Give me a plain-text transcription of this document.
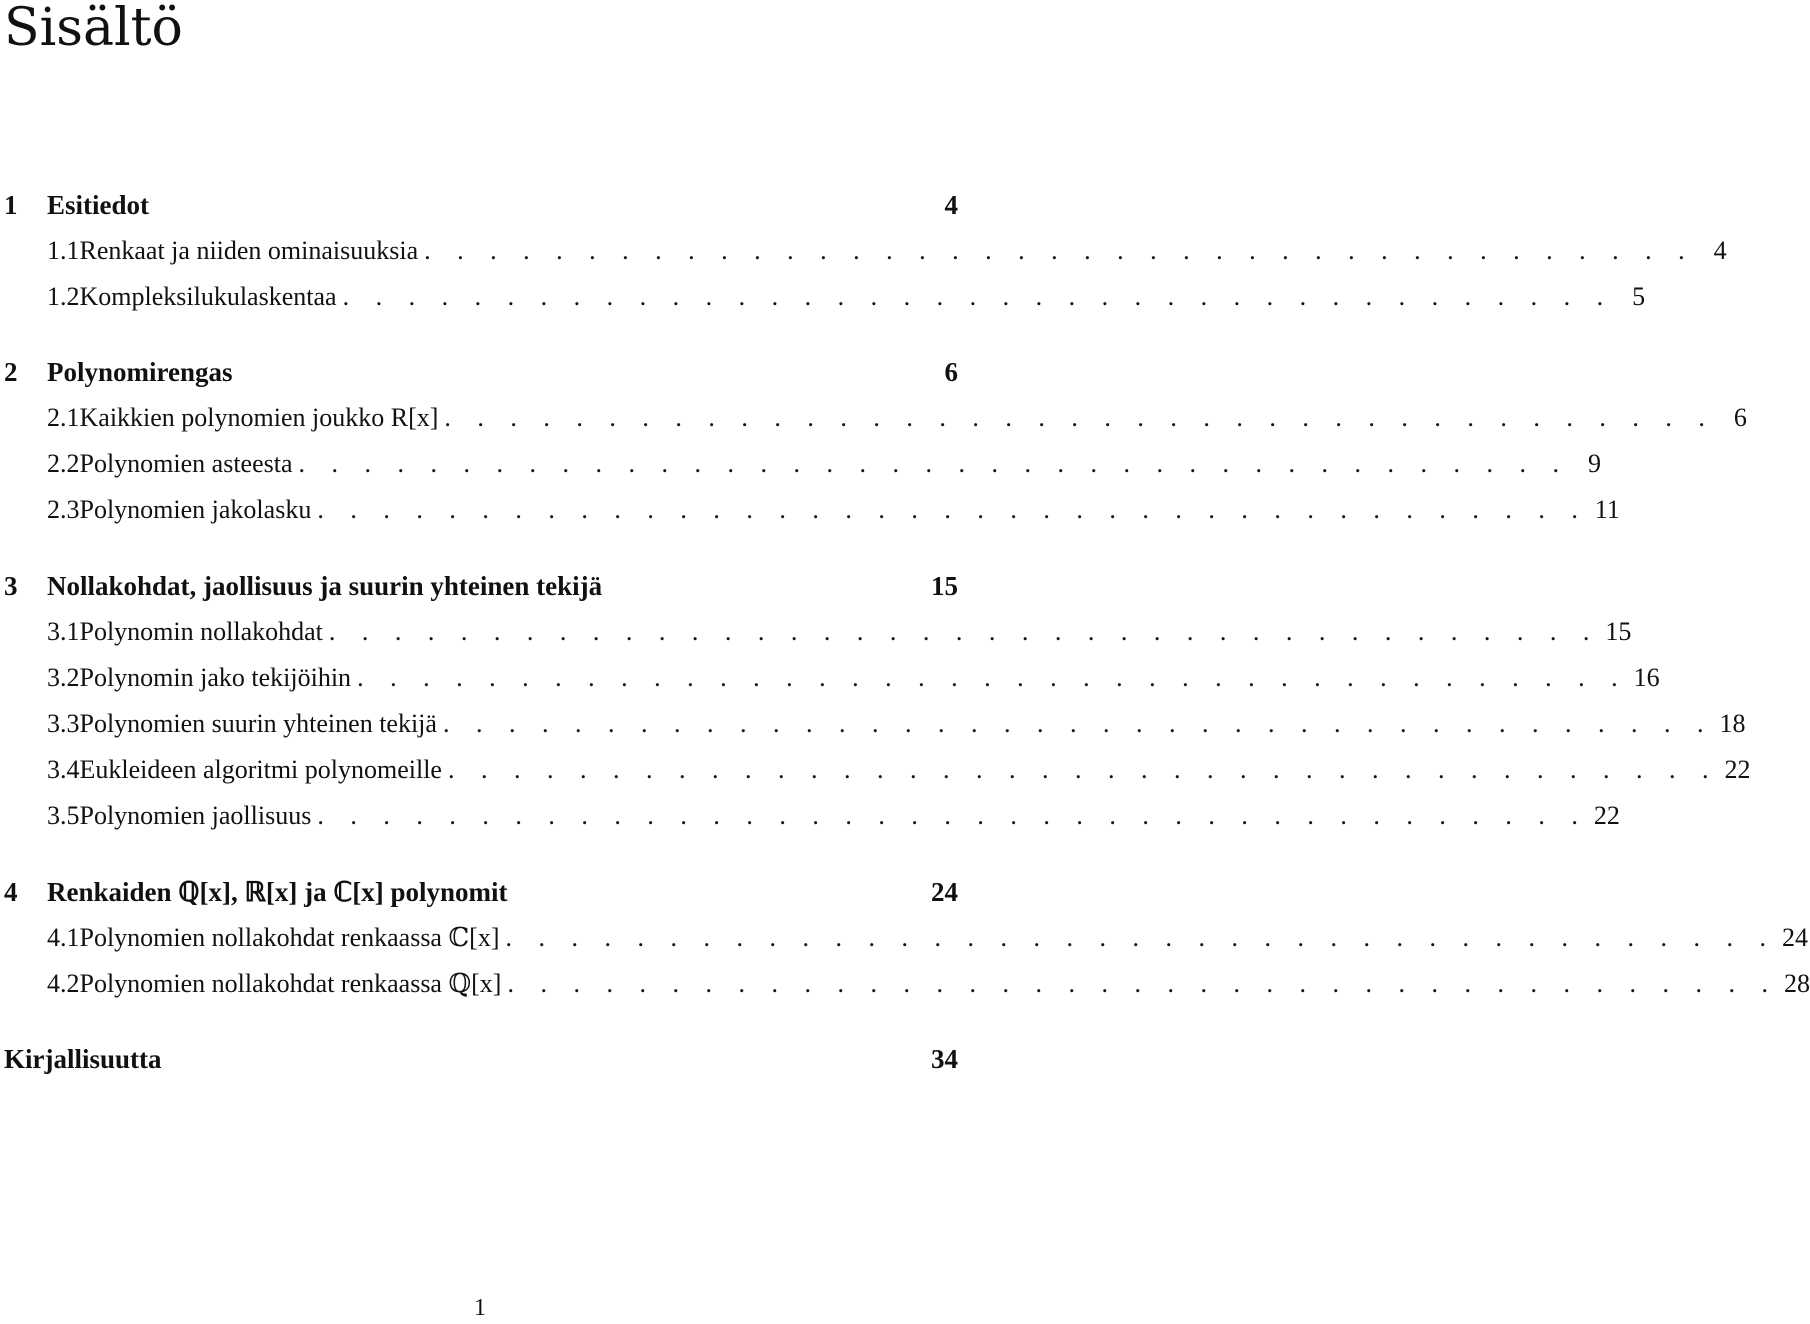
Sisältö
1	Esitiedot	4
1.1 Renkaat ja niiden ominaisuuksia . . . . . . . . . . . . . . . . . . . . . . . . . . . . . . . . . . . . . . . 4
1.2 Kompleksilukulaskentaa . . . . . . . . . . . . . . . . . . . . . . . . . . . . . . . . . . . . . . . 5
2	Polynomirengas	6
2.1 Kaikkien polynomien joukko R[x] . . . . . . . . . . . . . . . . . . . . . . . . . . . . . . . . . . . . . . . 6
2.2 Polynomien asteesta . . . . . . . . . . . . . . . . . . . . . . . . . . . . . . . . . . . . . . . 9
2.3 Polynomien jakolasku . . . . . . . . . . . . . . . . . . . . . . . . . . . . . . . . . . . . . . . 11
3	Nollakohdat, jaollisuus ja suurin yhteinen tekijä	15
3.1 Polynomin nollakohdat . . . . . . . . . . . . . . . . . . . . . . . . . . . . . . . . . . . . . . . 15
3.2 Polynomin jako tekijöihin . . . . . . . . . . . . . . . . . . . . . . . . . . . . . . . . . . . . . . . 16
3.3 Polynomien suurin yhteinen tekijä . . . . . . . . . . . . . . . . . . . . . . . . . . . . . . . . . . . . . . . 18
3.4 Eukleideen algoritmi polynomeille . . . . . . . . . . . . . . . . . . . . . . . . . . . . . . . . . . . . . . . 22
3.5 Polynomien jaollisuus . . . . . . . . . . . . . . . . . . . . . . . . . . . . . . . . . . . . . . . 22
4	Renkaiden ℚ[x], ℝ[x] ja ℂ[x] polynomit	24
4.1 Polynomien nollakohdat renkaassa ℂ[x] . . . . . . . . . . . . . . . . . . . . . . . . . . . . . . . . . . . . . . . 24
4.2 Polynomien nollakohdat renkaassa ℚ[x] . . . . . . . . . . . . . . . . . . . . . . . . . . . . . . . . . . . . . . . 28
Kirjallisuutta	34
1
